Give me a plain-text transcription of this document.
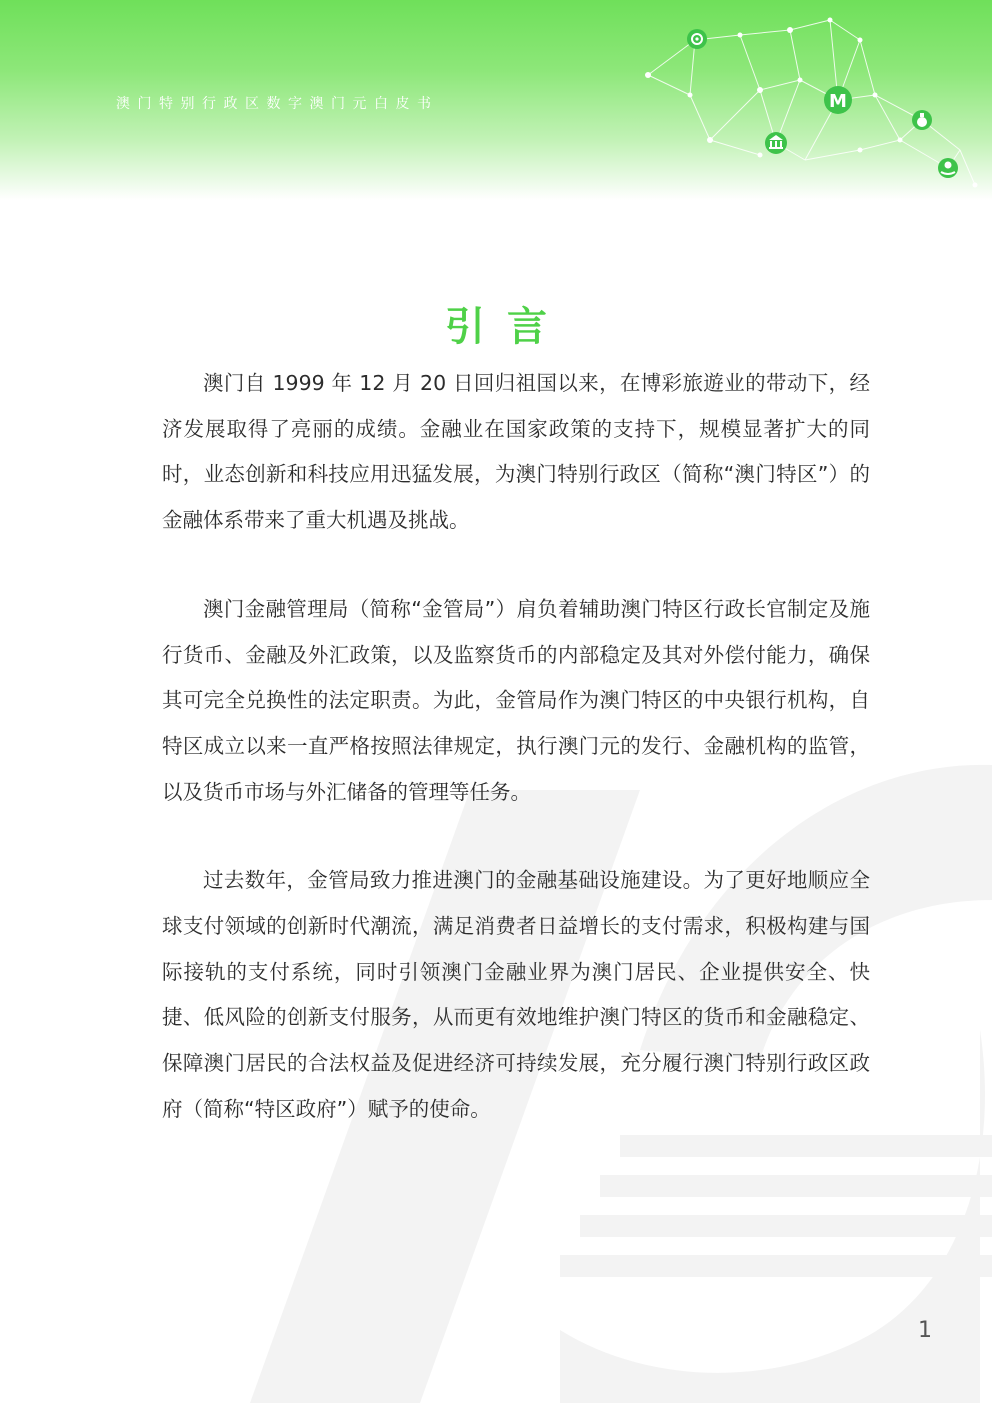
澳门特别行政区数字澳门元白皮书	M
引言

澳门自 1999 年 12 月 20 日回归祖国以来，在博彩旅遊业的带动下，经济发展取得了亮丽的成绩。金融业在国家政策的支持下，规模显著扩大的同时，业态创新和科技应用迅猛发展，为澳门特别行政区（简称“澳门特区”）的金融体系带来了重大机遇及挑战。

澳门金融管理局（简称“金管局”）肩负着辅助澳门特区行政长官制定及施行货币、金融及外汇政策，以及监察货币的内部稳定及其对外偿付能力，确保其可完全兑换性的法定职责。为此，金管局作为澳门特区的中央银行机构，自特区成立以来一直严格按照法律规定，执行澳门元的发行、金融机构的监管，以及货币市场与外汇储备的管理等任务。

过去数年，金管局致力推进澳门的金融基础设施建设。为了更好地顺应全球支付领域的创新时代潮流，满足消费者日益增长的支付需求，积极构建与国际接轨的支付系统，同时引领澳门金融业界为澳门居民、企业提供安全、快捷、低风险的创新支付服务，从而更有效地维护澳门特区的货币和金融稳定、保障澳门居民的合法权益及促进经济可持续发展，充分履行澳门特别行政区政府（简称“特区政府”）赋予的使命。

1
